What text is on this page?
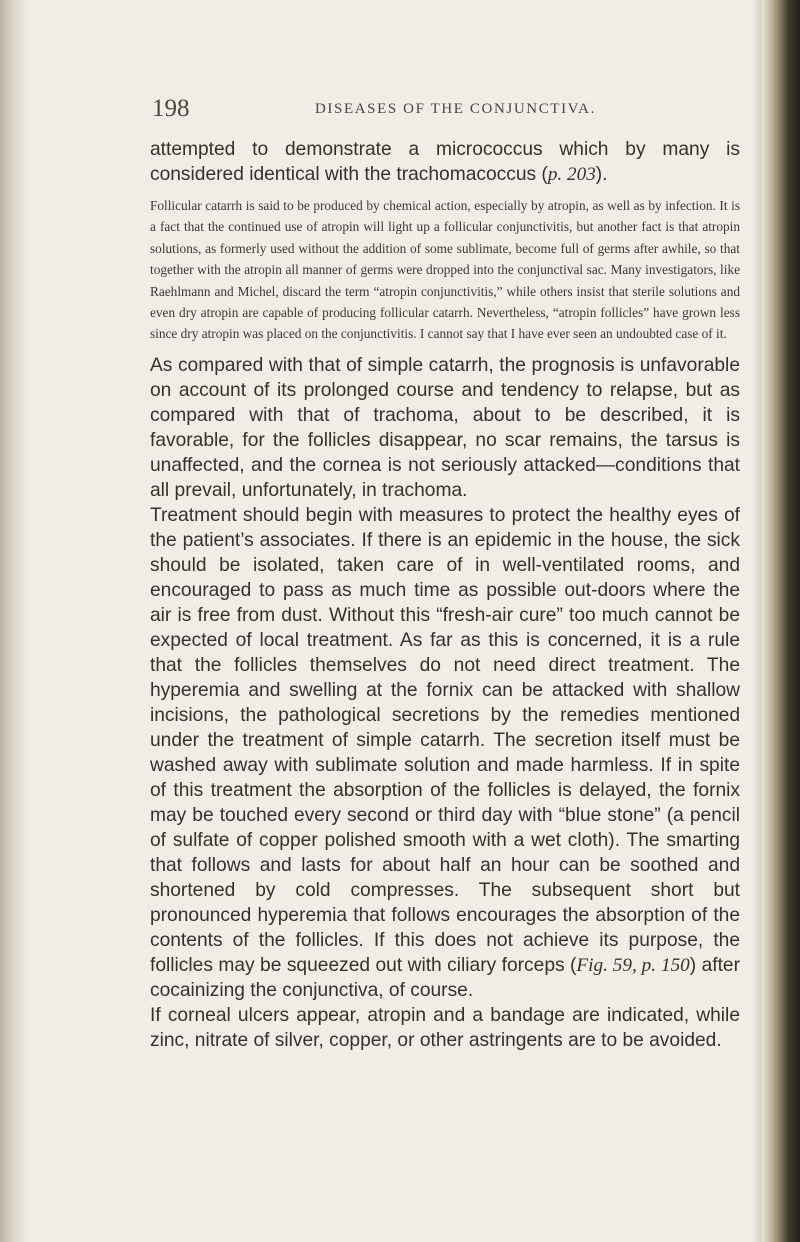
198	DISEASES OF THE CONJUNCTIVA.

attempted to demonstrate a micrococcus which by many is considered identical with the trachomacoccus (p. 203).

Follicular catarrh is said to be produced by chemical action, especially by atropin, as well as by infection. It is a fact that the continued use of atropin will light up a follicular conjunctivitis, but another fact is that atropin solutions, as formerly used without the addition of some sublimate, become full of germs after awhile, so that together with the atropin all manner of germs were dropped into the conjunctival sac. Many investigators, like Raehlmann and Michel, discard the term “atropin conjunctivitis,” while others insist that sterile solutions and even dry atropin are capable of producing follicular catarrh. Nevertheless, “atropin follicles” have grown less since dry atropin was placed on the conjunctivitis. I cannot say that I have ever seen an undoubted case of it.

As compared with that of simple catarrh, the prognosis is unfavorable on account of its prolonged course and tendency to relapse, but as compared with that of trachoma, about to be described, it is favorable, for the follicles disappear, no scar remains, the tarsus is unaffected, and the cornea is not seriously attacked—conditions that all prevail, unfortunately, in trachoma.

Treatment should begin with measures to protect the healthy eyes of the patient’s associates. If there is an epidemic in the house, the sick should be isolated, taken care of in well-ventilated rooms, and encouraged to pass as much time as possible out-doors where the air is free from dust. Without this “fresh-air cure” too much cannot be expected of local treatment. As far as this is concerned, it is a rule that the follicles themselves do not need direct treatment. The hyperemia and swelling at the fornix can be attacked with shallow incisions, the pathological secretions by the remedies mentioned under the treatment of simple catarrh. The secretion itself must be washed away with sublimate solution and made harmless. If in spite of this treatment the absorption of the follicles is delayed, the fornix may be touched every second or third day with “blue stone” (a pencil of sulfate of copper polished smooth with a wet cloth). The smarting that follows and lasts for about half an hour can be soothed and shortened by cold compresses. The subsequent short but pronounced hyperemia that follows encourages the absorption of the contents of the follicles. If this does not achieve its purpose, the follicles may be squeezed out with ciliary forceps (Fig. 59, p. 150) after cocainizing the conjunctiva, of course.

If corneal ulcers appear, atropin and a bandage are indicated, while zinc, nitrate of silver, copper, or other astringents are to be avoided.
